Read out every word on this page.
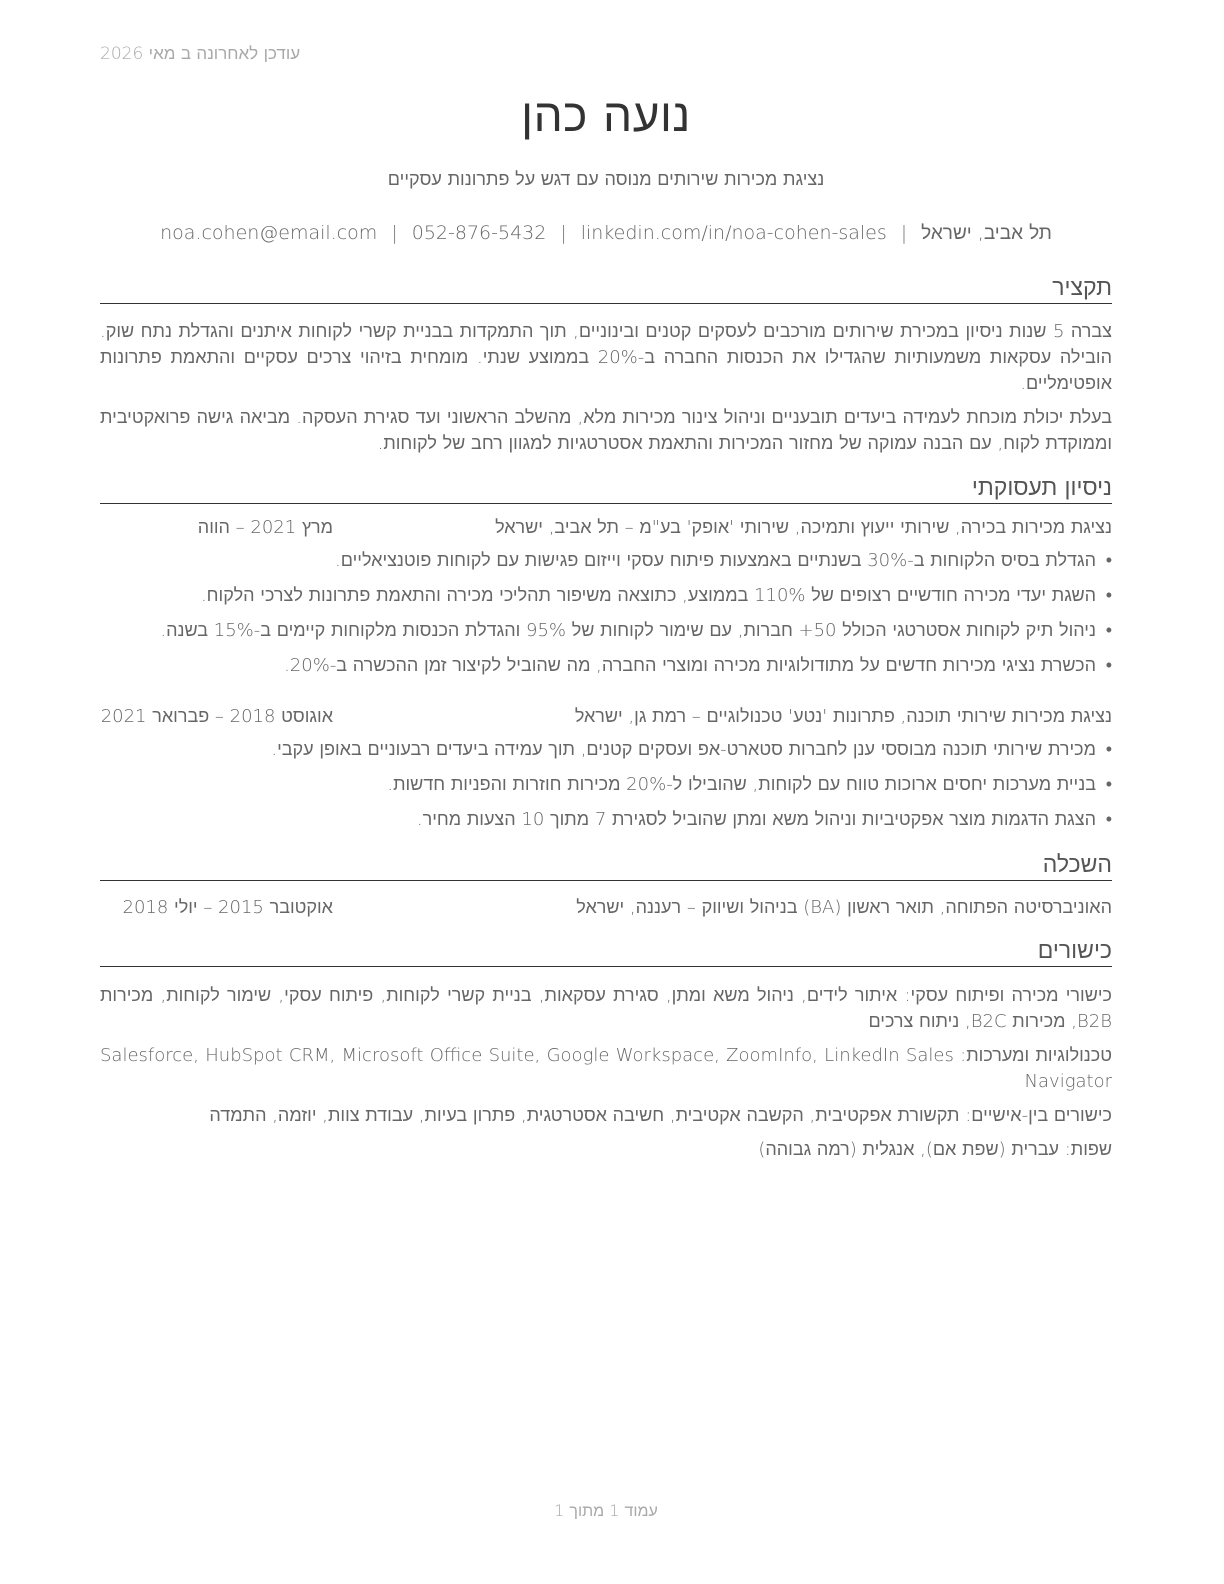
עודכן לאחרונה ב מאי 2026
נועה כהן
נציגת מכירות שירותים מנוסה עם דגש על פתרונות עסקיים
תל אביב, ישראל|noa.cohen@email.com | 052-876-5432 | linkedin.com/in/noa-cohen-sales
תקציר
צברה 5 שנות ניסיון במכירת שירותים מורכבים לעסקים קטנים ובינוניים, תוך התמקדות בבניית קשרי לקוחות איתנים והגדלת נתח שוק. הובילה עסקאות משמעותיות שהגדילו את הכנסות החברה ב-20% בממוצע שנתי. מומחית בזיהוי צרכים עסקיים והתאמת פתרונות אופטימליים.
בעלת יכולת מוכחת לעמידה ביעדים תובעניים וניהול צינור מכירות מלא, מהשלב הראשוני ועד סגירת העסקה. מביאה גישה פרואקטיבית וממוקדת לקוח, עם הבנה עמוקה של מחזור המכירות והתאמת אסטרטגיות למגוון רחב של לקוחות.
ניסיון תעסוקתי
נציגת מכירות בכירה, שירותי ייעוץ ותמיכה, שירותי 'אופק' בע"מ – תל אביב, ישראל
מרץ 2021 – הווה
•
הגדלת בסיס הלקוחות ב-30% בשנתיים באמצעות פיתוח עסקי וייזום פגישות עם לקוחות פוטנציאליים.
•
השגת יעדי מכירה חודשיים רצופים של 110% בממוצע, כתוצאה משיפור תהליכי מכירה והתאמת פתרונות לצרכי הלקוח.
•
ניהול תיק לקוחות אסטרטגי הכולל 50+ חברות, עם שימור לקוחות של 95% והגדלת הכנסות מלקוחות קיימים ב-15% בשנה.
•
הכשרת נציגי מכירות חדשים על מתודולוגיות מכירה ומוצרי החברה, מה שהוביל לקיצור זמן ההכשרה ב-20%.
נציגת מכירות שירותי תוכנה, פתרונות 'נטע' טכנולוגיים – רמת גן, ישראל
אוגוסט 2018 – פברואר 2021
•
מכירת שירותי תוכנה מבוססי ענן לחברות סטארט-אפ ועסקים קטנים, תוך עמידה ביעדים רבעוניים באופן עקבי.
•
בניית מערכות יחסים ארוכות טווח עם לקוחות, שהובילו ל-20% מכירות חוזרות והפניות חדשות.
•
הצגת הדגמות מוצר אפקטיביות וניהול משא ומתן שהוביל לסגירת 7 מתוך 10 הצעות מחיר.
השכלה
האוניברסיטה הפתוחה, תואר ראשון (BA) בניהול ושיווק – רעננה, ישראל
אוקטובר 2015 – יולי 2018
כישורים
כישורי מכירה ופיתוח עסקי: איתור לידים, ניהול משא ומתן, סגירת עסקאות, בניית קשרי לקוחות, פיתוח עסקי, שימור לקוחות, מכירות B2B, מכירות B2C, ניתוח צרכים
טכנולוגיות ומערכות: Salesforce, HubSpot CRM, Microsoft Office Suite, Google Workspace, ZoomInfo, LinkedIn Sales Navigator
כישורים בין-אישיים: תקשורת אפקטיבית, הקשבה אקטיבית, חשיבה אסטרטגית, פתרון בעיות, עבודת צוות, יוזמה, התמדה
שפות: עברית (שפת אם), אנגלית (רמה גבוהה)
עמוד 1 מתוך 1
